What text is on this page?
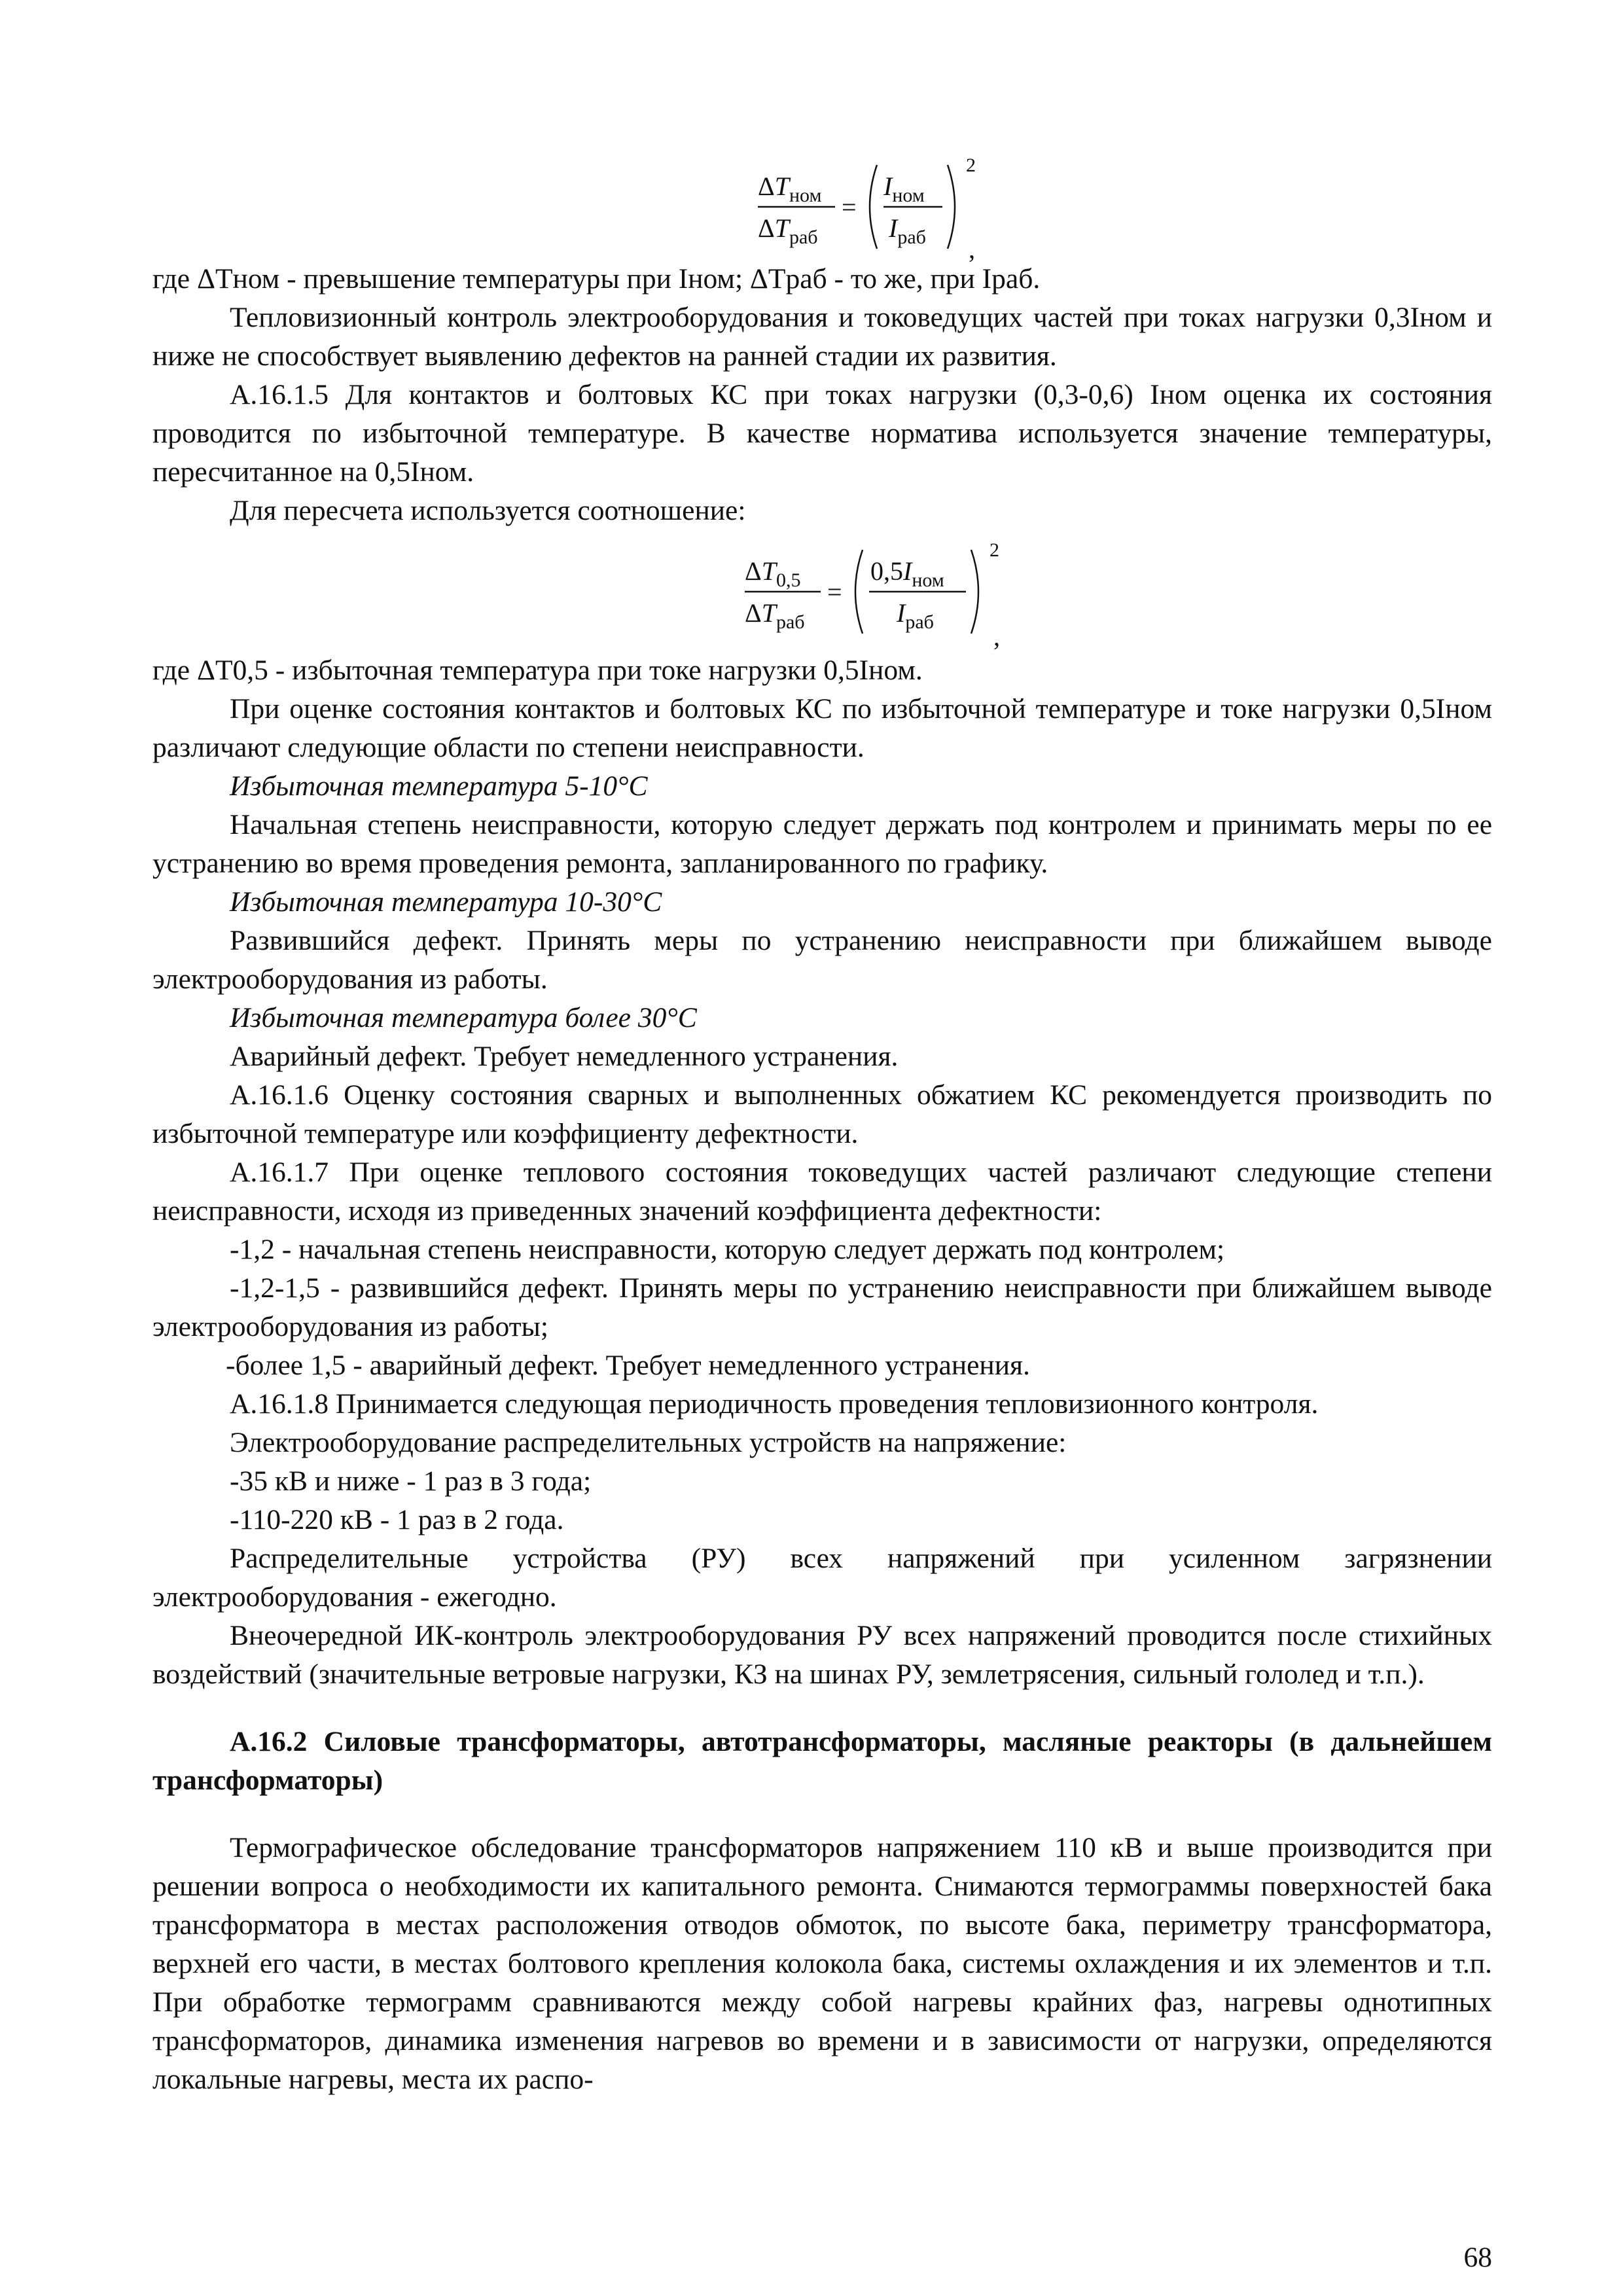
$\Delta T_{ном}$
$\Delta T_{раб}$
=
$I_{ном}$
$I_{раб}$
2
,

где ΔTном - превышение температуры при Iном; ΔTраб - то же, при Iраб.

Тепловизионный контроль электрооборудования и токоведущих частей при токах нагрузки 0,3Iном и ниже не способствует выявлению дефектов на ранней стадии их развития.

А.16.1.5 Для контактов и болтовых КС при токах нагрузки (0,3-0,6) Iном оценка их состояния проводится по избыточной температуре. В качестве норматива используется значение температуры, пересчитанное на 0,5Iном.

Для пересчета используется соотношение:

$\Delta T_{0,5}$
$\Delta T_{раб}$
=
$0,5I_{ном}$
$I_{раб}$
2
,

где ΔT0,5 - избыточная температура при токе нагрузки 0,5Iном.

При оценке состояния контактов и болтовых КС по избыточной температуре и токе нагрузки 0,5Iном различают следующие области по степени неисправности.

Избыточная температура 5-10°С

Начальная степень неисправности, которую следует держать под контролем и принимать меры по ее устранению во время проведения ремонта, запланированного по графику.

Избыточная температура 10-30°С

Развившийся дефект. Принять меры по устранению неисправности при ближайшем выводе электрооборудования из работы.

Избыточная температура более 30°С

Аварийный дефект. Требует немедленного устранения.

А.16.1.6 Оценку состояния сварных и выполненных обжатием КС рекомендуется производить по избыточной температуре или коэффициенту дефектности.

А.16.1.7 При оценке теплового состояния токоведущих частей различают следующие степени неисправности, исходя из приведенных значений коэффициента дефектности:

-1,2 - начальная степень неисправности, которую следует держать под контролем;

-1,2-1,5 - развившийся дефект. Принять меры по устранению неисправности при ближайшем выводе электрооборудования из работы;

-более 1,5 - аварийный дефект. Требует немедленного устранения.

А.16.1.8 Принимается следующая периодичность проведения тепловизионного контроля.

Электрооборудование распределительных устройств на напряжение:

-35 кВ и ниже - 1 раз в 3 года;

-110-220 кВ - 1 раз в 2 года.

Распределительные устройства (РУ) всех напряжений при усиленном загрязнении электрооборудования - ежегодно.

Внеочередной ИК-контроль электрооборудования РУ всех напряжений проводится после стихийных воздействий (значительные ветровые нагрузки, КЗ на шинах РУ, землетрясения, сильный гололед и т.п.).

А.16.2 Силовые трансформаторы, автотрансформаторы, масляные реакторы (в дальнейшем трансформаторы)

Термографическое обследование трансформаторов напряжением 110 кВ и выше производится при решении вопроса о необходимости их капитального ремонта. Снимаются термограммы поверхностей бака трансформатора в местах расположения отводов обмоток, по высоте бака, периметру трансформатора, верхней его части, в местах болтового крепления колокола бака, системы охлаждения и их элементов и т.п. При обработке термограмм сравниваются между собой нагревы крайних фаз, нагревы однотипных трансформаторов, динамика изменения нагревов во времени и в зависимости от нагрузки, определяются локальные нагревы, места их распо-

68
